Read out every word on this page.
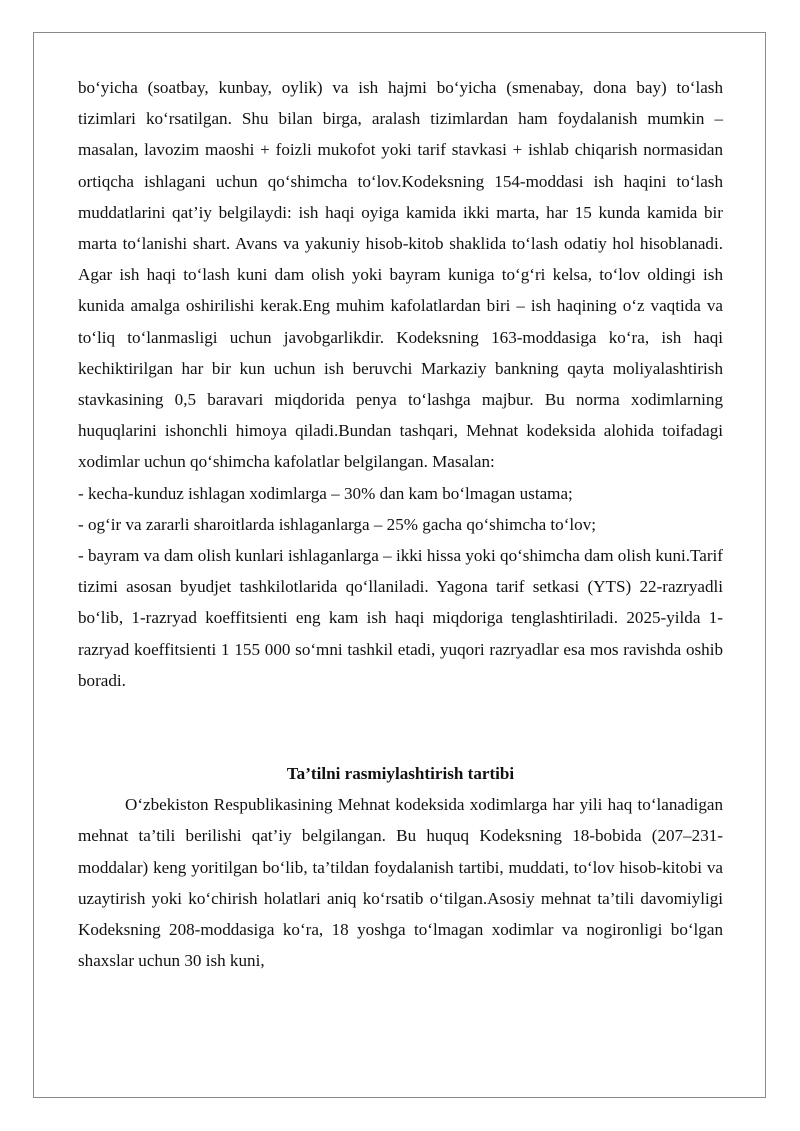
bo‘yicha (soatbay, kunbay, oylik) va ish hajmi bo‘yicha (smenabay, dona bay) to‘lash tizimlari ko‘rsatilgan. Shu bilan birga, aralash tizimlardan ham foydalanish mumkin – masalan, lavozim maoshi + foizli mukofot yoki tarif stavkasi + ishlab chiqarish normasidan ortiqcha ishlagani uchun qo‘shimcha to‘lov.Kodeksning 154-moddasi ish haqini to‘lash muddatlarini qat’iy belgilaydi: ish haqi oyiga kamida ikki marta, har 15 kunda kamida bir marta to‘lanishi shart. Avans va yakuniy hisob-kitob shaklida to‘lash odatiy hol hisoblanadi. Agar ish haqi to‘lash kuni dam olish yoki bayram kuniga to‘g‘ri kelsa, to‘lov oldingi ish kunida amalga oshirilishi kerak.Eng muhim kafolatlardan biri – ish haqining o‘z vaqtida va to‘liq to‘lanmasligi uchun javobgarlikdir. Kodeksning 163-moddasiga ko‘ra, ish haqi kechiktirilgan har bir kun uchun ish beruvchi Markaziy bankning qayta moliyalashtirish stavkasining 0,5 baravari miqdorida penya to‘lashga majbur. Bu norma xodimlarning huquqlarini ishonchli himoya qiladi.Bundan tashqari, Mehnat kodeksida alohida toifadagi xodimlar uchun qo‘shimcha kafolatlar belgilangan. Masalan:

- kecha-kunduz ishlagan xodimlarga – 30% dan kam bo‘lmagan ustama;

- og‘ir va zararli sharoitlarda ishlaganlarga – 25% gacha qo‘shimcha to‘lov;

- bayram va dam olish kunlari ishlaganlarga – ikki hissa yoki qo‘shimcha dam olish kuni.Tarif tizimi asosan byudjet tashkilotlarida qo‘llaniladi. Yagona tarif setkasi (YTS) 22-razryadli bo‘lib, 1-razryad koeffitsienti eng kam ish haqi miqdoriga tenglashtiriladi. 2025-yilda 1-razryad koeffitsienti 1 155 000 so‘mni tashkil etadi, yuqori razryadlar esa mos ravishda oshib boradi.

Ta’tilni rasmiylashtirish tartibi

O‘zbekiston Respublikasining Mehnat kodeksida xodimlarga har yili haq to‘lanadigan mehnat ta’tili berilishi qat’iy belgilangan. Bu huquq Kodeksning 18-bobida (207–231-moddalar) keng yoritilgan bo‘lib, ta’tildan foydalanish tartibi, muddati, to‘lov hisob-kitobi va uzaytirish yoki ko‘chirish holatlari aniq ko‘rsatib o‘tilgan.Asosiy mehnat ta’tili davomiyligi Kodeksning 208-moddasiga ko‘ra, 18 yoshga to‘lmagan xodimlar va nogironligi bo‘lgan shaxslar uchun 30 ish kuni,
